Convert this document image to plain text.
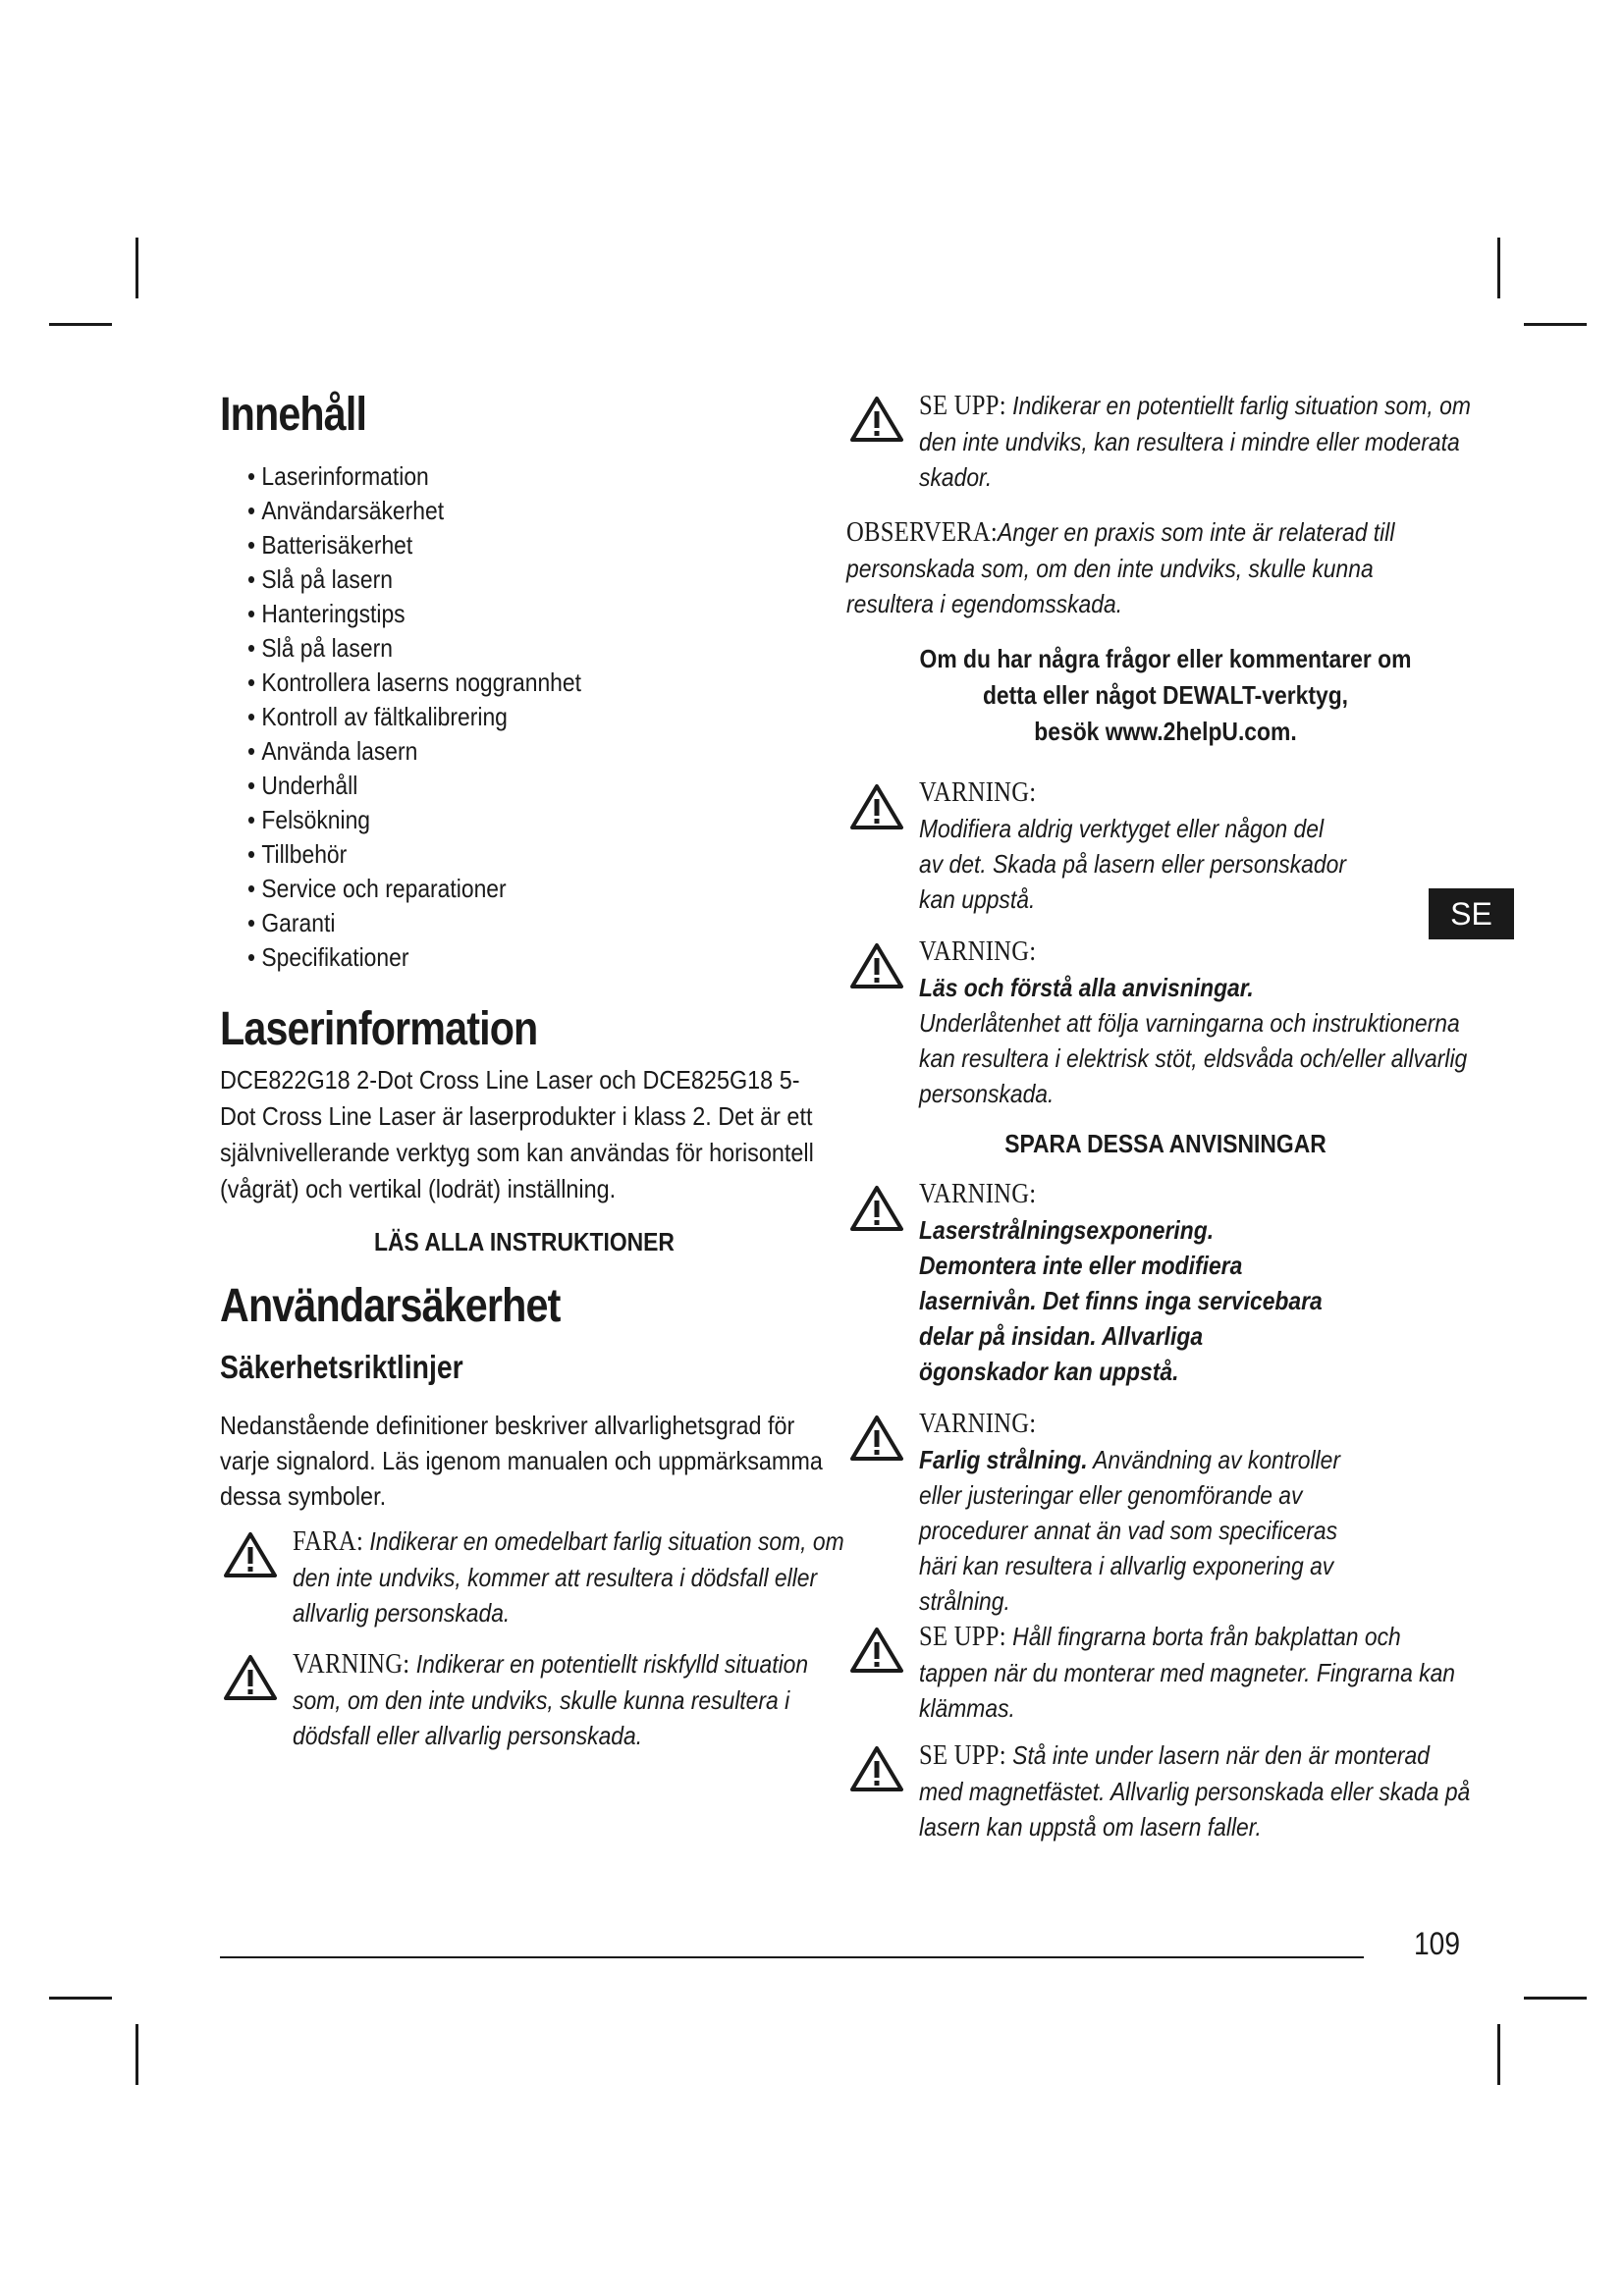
Innehåll
• Laserinformation
• Användarsäkerhet
• Batterisäkerhet
• Slå på lasern
• Hanteringstips
• Slå på lasern
• Kontrollera laserns noggrannhet
• Kontroll av fältkalibrering
• Använda lasern
• Underhåll
• Felsökning
• Tillbehör
• Service och reparationer
• Garanti
• Specifikationer
Laserinformation

DCE822G18 2-Dot Cross Line Laser och DCE825G18 5-Dot Cross Line Laser är laserprodukter i klass 2. Det är ett självnivellerande verktyg som kan användas för horisontell (vågrät) och vertikal (lodrät) inställning.

LÄS ALLA INSTRUKTIONER
Användarsäkerhet
Säkerhetsriktlinjer

Nedanstående definitioner beskriver allvarlighetsgrad för varje signalord. Läs igenom manualen och uppmärksamma dessa symboler.

FARA: Indikerar en omedelbart farlig situation som, om den inte undviks, kommer att resultera i dödsfall eller allvarlig personskada.
VARNING: Indikerar en potentiellt riskfylld situation som, om den inte undviks, skulle kunna resultera i dödsfall eller allvarlig personskada.
SE UPP: Indikerar en potentiellt farlig situation som, om den inte undviks, kan resultera i mindre eller moderata skador.
OBSERVERA:Anger en praxis som inte är relaterad till personskada som, om den inte undviks, skulle kunna resultera i egendomsskada.
Om du har några frågor eller kommentarer om
detta eller något DEWALT-verktyg,
besök www.2helpU.com.
VARNING:
Modifiera aldrig verktyget eller någon del av det. Skada på lasern eller personskador kan uppstå.
VARNING:
Läs och förstå alla anvisningar.
Underlåtenhet att följa varningarna och instruktionerna kan resultera i elektrisk stöt, eldsvåda och/eller allvarlig personskada.
SPARA DESSA ANVISNINGAR
VARNING:
Laserstrålningsexponering. Demontera inte eller modifiera lasernivån. Det finns inga servicebara delar på insidan. Allvarliga ögonskador kan uppstå.
VARNING:
Farlig strålning. Användning av kontroller eller justeringar eller genomförande av procedurer annat än vad som specificeras häri kan resultera i allvarlig exponering av strålning.
SE UPP: Håll fingrarna borta från bakplattan och tappen när du monterar med magneter. Fingrarna kan klämmas.
SE UPP: Stå inte under lasern när den är monterad med magnetfästet. Allvarlig personskada eller skada på lasern kan uppstå om lasern faller.
SE
109
